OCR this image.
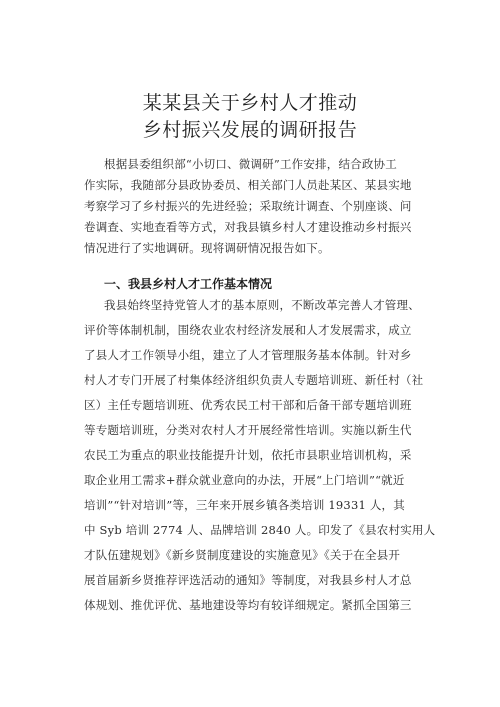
某某县关于乡村人才推动
乡村振兴发展的调研报告
根据县委组织部“小切口、微调研”工作安排，结合政协工
作实际，我随部分县政协委员、相关部门人员赴某区、某县实地
考察学习了乡村振兴的先进经验；采取统计调查、个别座谈、问
卷调查、实地查看等方式，对我县镇乡村人才建设推动乡村振兴
情况进行了实地调研。现将调研情况报告如下。
一、我县乡村人才工作基本情况
我县始终坚持党管人才的基本原则，不断改革完善人才管理、
评价等体制机制，围绕农业农村经济发展和人才发展需求，成立
了县人才工作领导小组，建立了人才管理服务基本体制。针对乡
村人才专门开展了村集体经济组织负责人专题培训班、新任村（社
区）主任专题培训班、优秀农民工村干部和后备干部专题培训班
等专题培训班，分类对农村人才开展经常性培训。实施以新生代
农民工为重点的职业技能提升计划，依托市县职业培训机构，采
取企业用工需求+群众就业意向的办法，开展“上门培训”“就近
培训”“针对培训”等，三年来开展乡镇各类培训 19331 人，其
中 Syb 培训 2774 人、品牌培训 2840 人。印发了《县农村实用人
才队伍建规划》《新乡贤制度建设的实施意见》《关于在全县开
展首届新乡贤推荐评选活动的通知》等制度，对我县乡村人才总
体规划、推优评优、基地建设等均有较详细规定。紧抓全国第三
